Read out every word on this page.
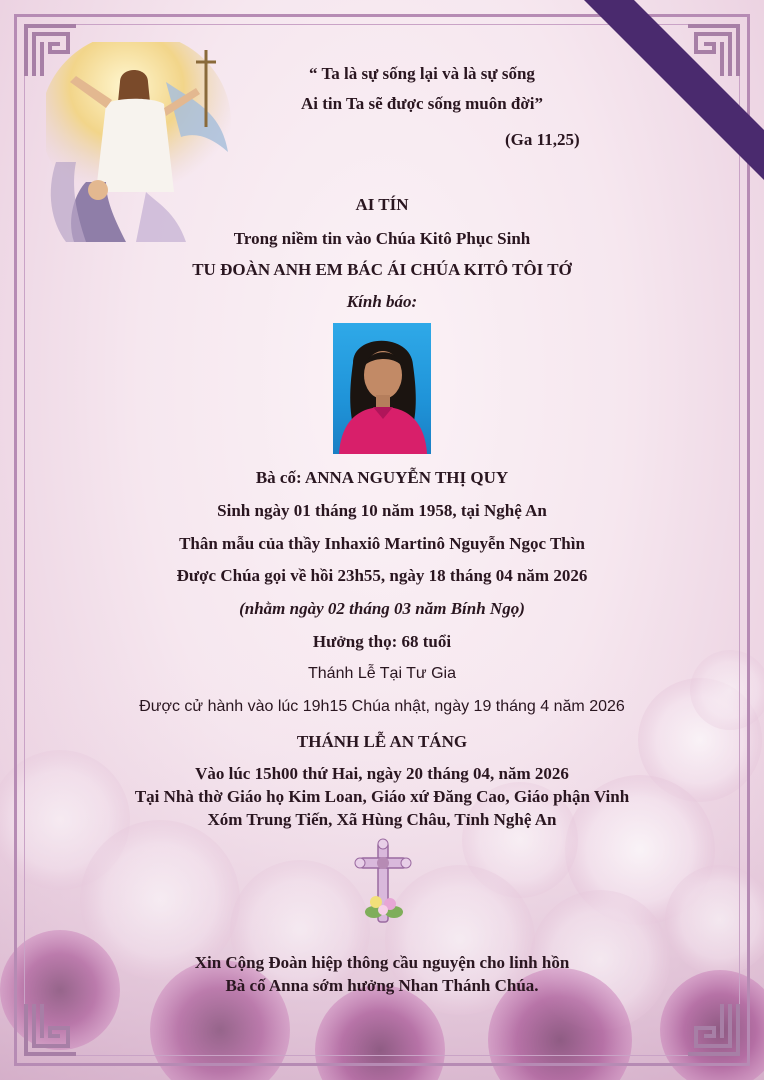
“ Ta là sự sống lại và là sự sống
Ai tin Ta sẽ được sống muôn đời”
(Ga 11,25)
AI TÍN
Trong niềm tin vào Chúa Kitô Phục Sinh
TU ĐOÀN ANH EM BÁC ÁI CHÚA KITÔ TÔI TỚ
Kính báo:
Bà cố: ANNA NGUYỄN THỊ QUY
Sinh ngày 01 tháng 10 năm 1958, tại Nghệ An
Thân mẫu của thầy Inhaxiô Martinô Nguyễn Ngọc Thìn
Được Chúa gọi về hồi 23h55, ngày 18 tháng 04 năm 2026
(nhằm ngày 02 tháng 03 năm Bính Ngọ)
Hưởng thọ: 68 tuổi
Thánh Lễ Tại Tư Gia
Được cử hành vào lúc 19h15 Chúa nhật, ngày 19 tháng 4 năm 2026
THÁNH LỄ AN TÁNG
Vào lúc 15h00 thứ Hai, ngày 20 tháng 04, năm 2026
Tại Nhà thờ Giáo họ Kim Loan, Giáo xứ Đăng Cao, Giáo phận Vinh
Xóm Trung Tiến, Xã Hùng Châu, Tỉnh Nghệ An
Xin Cộng Đoàn hiệp thông cầu nguyện cho linh hồn
Bà cố Anna sớm hưởng Nhan Thánh Chúa.
